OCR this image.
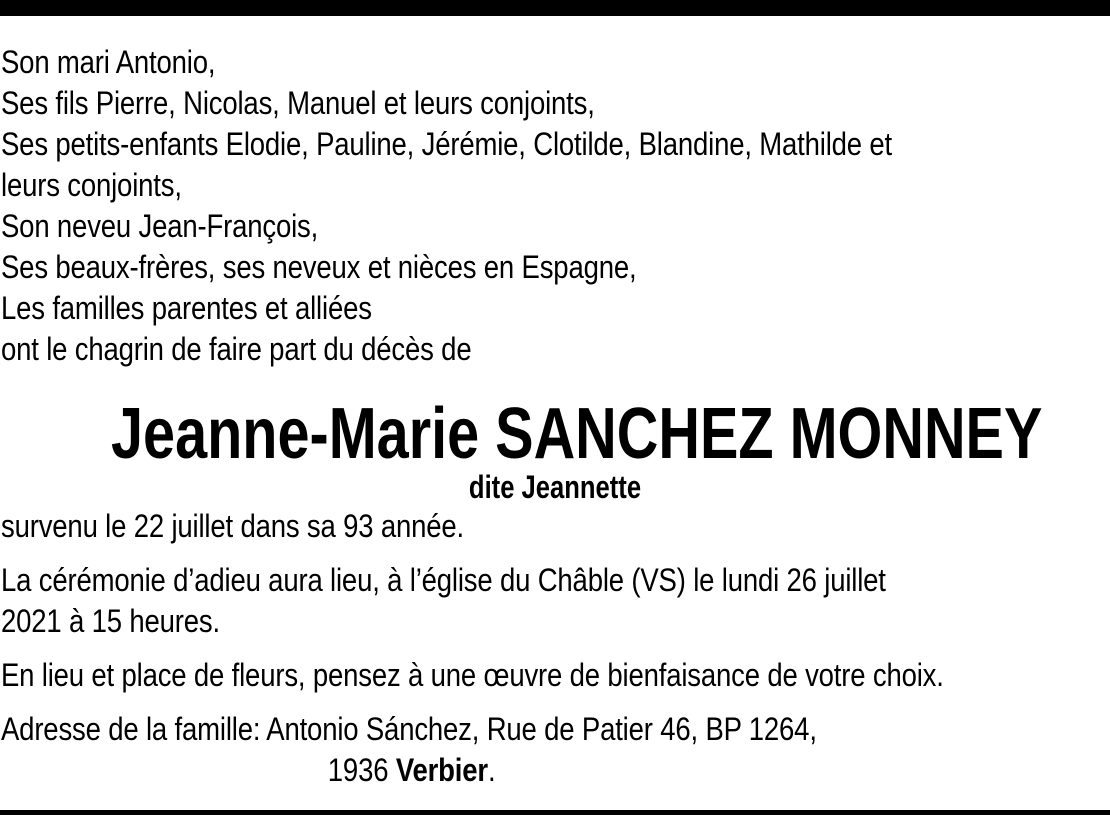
Son mari Antonio,
Ses fils Pierre, Nicolas, Manuel et leurs conjoints,
Ses petits-enfants Elodie, Pauline, Jérémie, Clotilde, Blandine, Mathilde et
leurs conjoints,
Son neveu Jean-François,
Ses beaux-frères, ses neveux et nièces en Espagne,
Les familles parentes et alliées
ont le chagrin de faire part du décès de
Jeanne-Marie SANCHEZ MONNEY
dite Jeannette
survenu le 22 juillet dans sa 93 année.
La cérémonie d’adieu aura lieu, à l’église du Châble (VS) le lundi 26 juillet
2021 à 15 heures.
En lieu et place de fleurs, pensez à une œuvre de bienfaisance de votre choix.
Adresse de la famille: Antonio Sánchez, Rue de Patier 46, BP 1264,
1936 Verbier.
